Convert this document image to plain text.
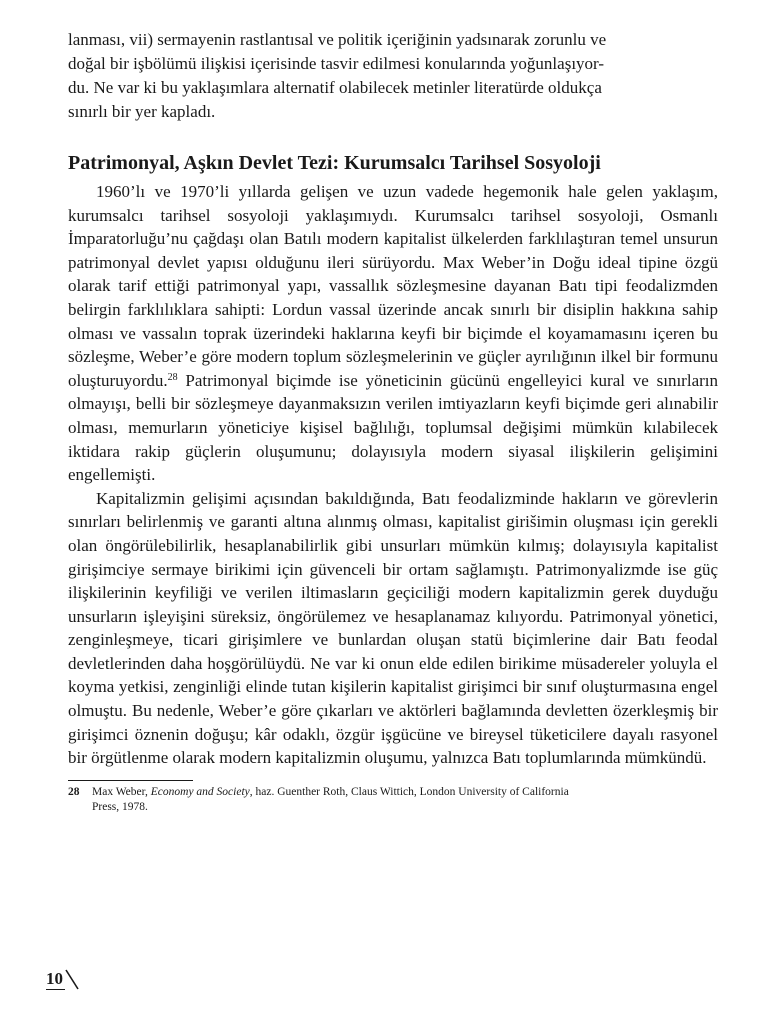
lanması, vii) sermayenin rastlantısal ve politik içeriğinin yadsınarak zorunlu ve
doğal bir işbölümü ilişkisi içerisinde tasvir edilmesi konularında yoğunlaşıyor-
du. Ne var ki bu yaklaşımlara alternatif olabilecek metinler literatürde oldukça
sınırlı bir yer kapladı.

Patrimonyal, Aşkın Devlet Tezi: Kurumsalcı Tarihsel Sosyoloji

1960’lı ve 1970’li yıllarda gelişen ve uzun vadede hegemonik hale gelen yaklaşım, kurumsalcı tarihsel sosyoloji yaklaşımıydı. Kurumsalcı tarihsel sosyoloji, Osmanlı İmparatorluğu’nu çağdaşı olan Batılı modern kapitalist ülkelerden farklılaştıran temel unsurun patrimonyal devlet yapısı olduğunu ileri sürüyordu. Max Weber’in Doğu ideal tipine özgü olarak tarif ettiği patrimonyal yapı, vassallık sözleşmesine dayanan Batı tipi feodalizmden belirgin farklılıklara sahipti: Lordun vassal üzerinde ancak sınırlı bir disiplin hakkına sahip olması ve vassalın toprak üzerindeki haklarına keyfi bir biçimde el koyamamasını içeren bu sözleşme, Weber’e göre modern toplum sözleşmelerinin ve güçler ayrılığının ilkel bir formunu oluşturuyordu.$^{28}$ Patrimonyal biçimde ise yöneticinin gücünü engelleyici kural ve sınırların olmayışı, belli bir sözleşmeye dayanmaksızın verilen imtiyazların keyfi biçimde geri alınabilir olması, memurların yöneticiye kişisel bağlılığı, toplumsal değişimi mümkün kılabilecek iktidara rakip güçlerin oluşumunu; dolayısıyla modern siyasal ilişkilerin gelişimini engellemişti.

Kapitalizmin gelişimi açısından bakıldığında, Batı feodalizminde hakların ve görevlerin sınırları belirlenmiş ve garanti altına alınmış olması, kapitalist girišimin oluşması için gerekli olan öngörülebilirlik, hesaplanabilirlik gibi unsurları mümkün kılmış; dolayısıyla kapitalist girişimciye sermaye birikimi için güvenceli bir ortam sağlamıştı. Patrimonyalizmde ise güç ilişkilerinin keyfiliği ve verilen iltimasların geçiciliği modern kapitalizmin gerek duyduğu unsurların işleyişini süreksiz, öngörülemez ve hesaplanamaz kılıyordu. Patrimonyal yönetici, zenginleşmeye, ticari girişimlere ve bunlardan oluşan statü biçimlerine dair Batı feodal devletlerinden daha hoşgörülüydü. Ne var ki onun elde edilen birikime müsadereler yoluyla el koyma yetkisi, zenginliği elinde tutan kişilerin kapitalist girişimci bir sınıf oluşturmasına engel olmuştu. Bu nedenle, Weber’e göre çıkarları ve aktörleri bağlamında devletten özerkleşmiş bir girişimci öznenin doğuşu; kâr odaklı, özgür işgücüne ve bireysel tüketicilere dayalı rasyonel bir örgütlenme olarak modern kapitalizmin oluşumu, yalnızca Batı toplumlarında mümkündü.

28 Max Weber, Economy and Society, haz. Guenther Roth, Claus Wittich, London University of California
Press, 1978.

10
